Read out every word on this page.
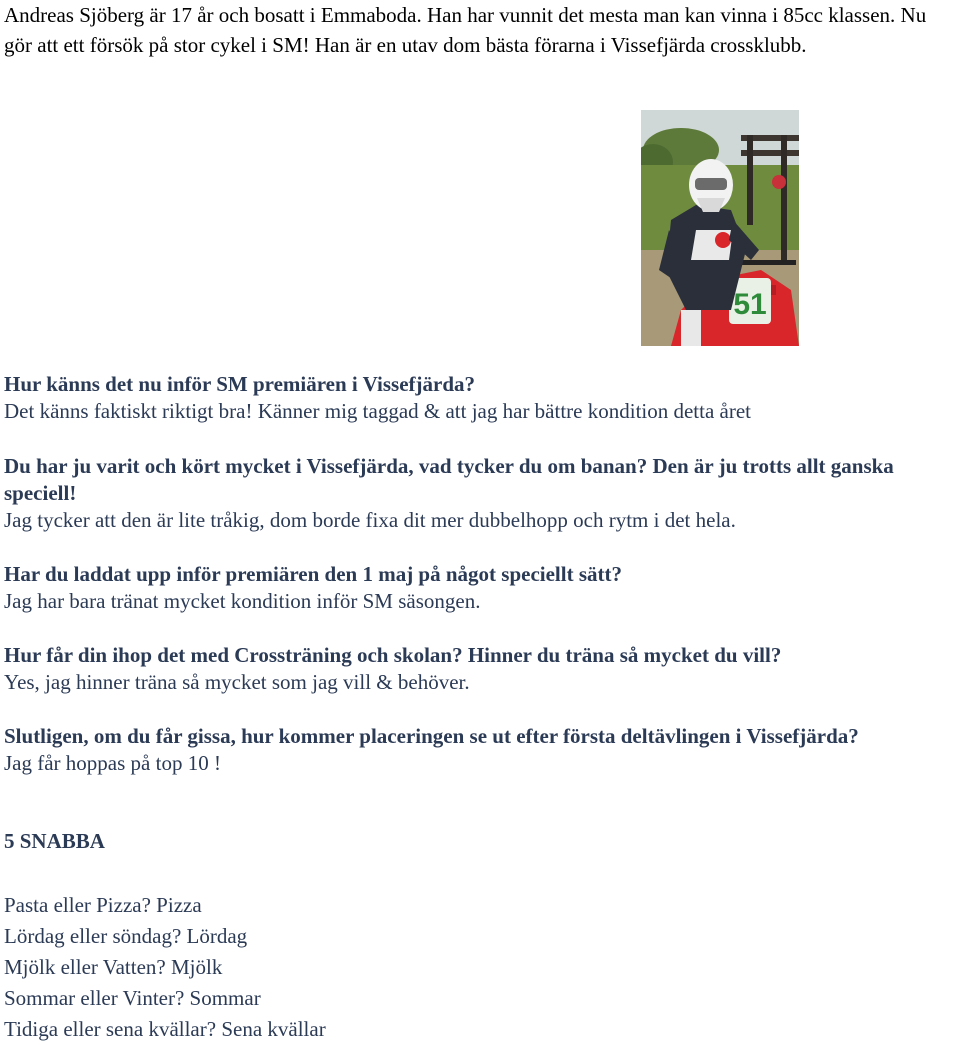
Andreas Sjöberg är 17 år och bosatt i Emmaboda. Han har vunnit det mesta man kan vinna i 85cc klassen. Nu gör att ett försök på stor cykel i SM! Han är en utav dom bästa förarna i Vissefjärda crossklubb.

51

Hur känns det nu inför SM premiären i Vissefjärda?

Det känns faktiskt riktigt bra! Känner mig taggad & att jag har bättre kondition detta året

Du har ju varit och kört mycket i Vissefjärda, vad tycker du om banan? Den är ju trotts allt ganska speciell!

Jag tycker att den är lite tråkig, dom borde fixa dit mer dubbelhopp och rytm i det hela.

Har du laddat upp inför premiären den 1 maj på något speciellt sätt?

Jag har bara tränat mycket kondition inför SM säsongen.

Hur får din ihop det med Crossträning och skolan? Hinner du träna så mycket du vill?

Yes, jag hinner träna så mycket som jag vill & behöver.

Slutligen, om du får gissa, hur kommer placeringen se ut efter första deltävlingen i Vissefjärda?

Jag får hoppas på top 10 !

5 SNABBA

Pasta eller Pizza? Pizza
Lördag eller söndag? Lördag
Mjölk eller Vatten? Mjölk
Sommar eller Vinter? Sommar
Tidiga eller sena kvällar? Sena kvällar
